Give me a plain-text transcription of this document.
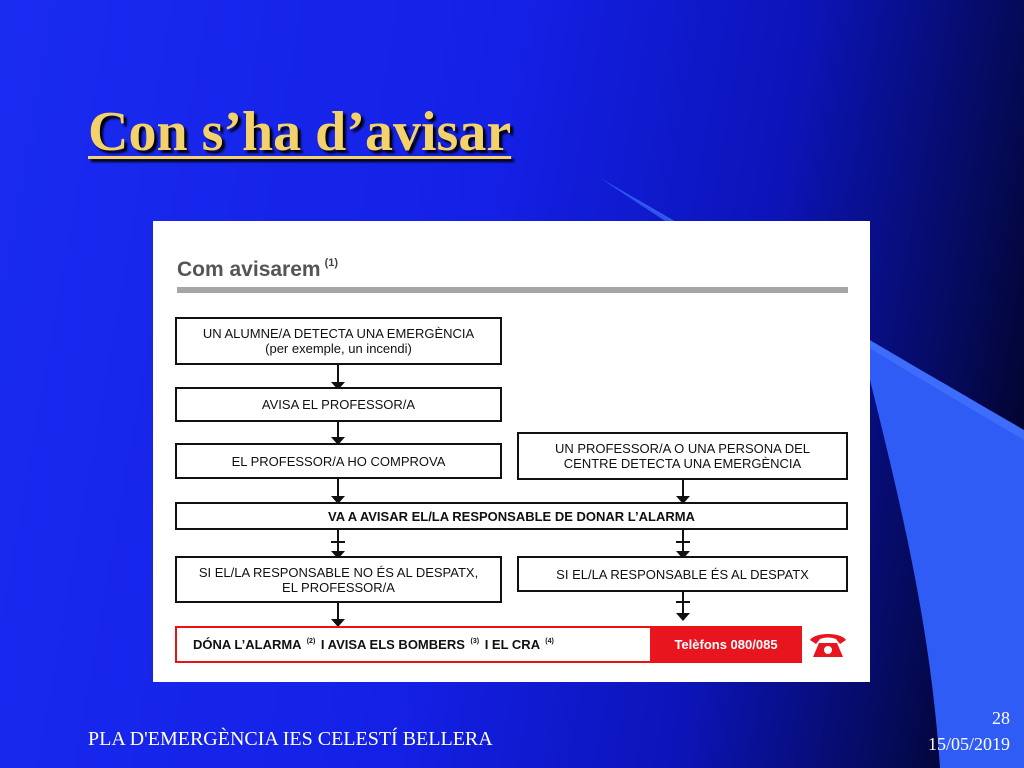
Con s’ha d’avisar
Com avisarem $^{(1)}$
UN ALUMNE/A DETECTA UNA EMERGÈNCIA
(per exemple, un incendi)
AVISA EL PROFESSOR/A
EL PROFESSOR/A HO COMPROVA
UN PROFESSOR/A O UNA PERSONA DEL
CENTRE DETECTA UNA EMERGÈNCIA
VA A AVISAR EL/LA RESPONSABLE DE DONAR L’ALARMA
SI EL/LA RESPONSABLE NO ÉS AL DESPATX,
EL PROFESSOR/A
SI EL/LA RESPONSABLE ÉS AL DESPATX
DÓNA L’ALARMA $^{(2)}$ I AVISA ELS BOMBERS $^{(3)}$ I EL CRA $^{(4)}$	Telèfons 080/085
PLA D'EMERGÈNCIA IES CELESTÍ BELLERA
28
15/05/2019
